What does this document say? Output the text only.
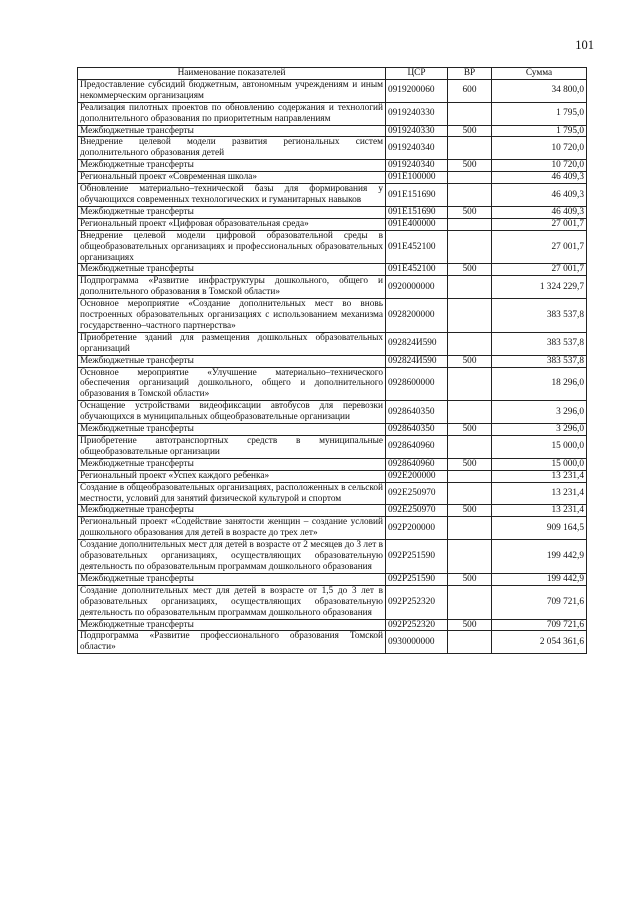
101
Наименование показателей	ЦСР	ВР	Сумма
Предоставление субсидий бюджетным, автономным учреждениям и иным некоммерческим организациям	0919200060	600	34 800,0
Реализация пилотных проектов по обновлению содержания и технологий дополнительного образования по приоритетным направлениям	0919240330		1 795,0
Межбюджетные трансферты	0919240330	500	1 795,0
Внедрение целевой модели развития региональных систем дополнительного образования детей	0919240340		10 720,0
Межбюджетные трансферты	0919240340	500	10 720,0
Региональный проект «Современная школа»	091E100000		46 409,3
Обновление материально–технической базы для формирования у обучающихся современных технологических и гуманитарных навыков	091E151690		46 409,3
Межбюджетные трансферты	091E151690	500	46 409,3
Региональный проект «Цифровая образовательная среда»	091E400000		27 001,7
Внедрение целевой модели цифровой образовательной среды в общеобразовательных организациях и профессиональных образовательных организациях	091E452100		27 001,7
Межбюджетные трансферты	091E452100	500	27 001,7
Подпрограмма «Развитие инфраструктуры дошкольного, общего и дополнительного образования в Томской области»	0920000000		1 324 229,7
Основное мероприятие «Создание дополнительных мест во вновь построенных образовательных организациях с использованием механизма государственно–частного партнерства»	0928200000		383 537,8
Приобретение зданий для размещения дошкольных образовательных организаций	092824И590		383 537,8
Межбюджетные трансферты	092824И590	500	383 537,8
Основное мероприятие «Улучшение материально–технического обеспечения организаций дошкольного, общего и дополнительного образования в Томской области»	0928600000		18 296,0
Оснащение устройствами видеофиксации автобусов для перевозки обучающихся в муниципальных общеобразовательные организации	0928640350		3 296,0
Межбюджетные трансферты	0928640350	500	3 296,0
Приобретение автотранспортных средств в муниципальные общеобразовательные организации	0928640960		15 000,0
Межбюджетные трансферты	0928640960	500	15 000,0
Региональный проект «Успех каждого ребенка»	092E200000		13 231,4
Создание в общеобразовательных организациях, расположенных в сельской местности, условий для занятий физической культурой и спортом	092E250970		13 231,4
Межбюджетные трансферты	092E250970	500	13 231,4
Региональный проект «Содействие занятости женщин – создание условий дошкольного образования для детей в возрасте до трех лет»	092P200000		909 164,5
Создание дополнительных мест для детей в возрасте от 2 месяцев до 3 лет в образовательных организациях, осуществляющих образовательную деятельность по образовательным программам дошкольного образования	092P251590		199 442,9
Межбюджетные трансферты	092P251590	500	199 442,9
Создание дополнительных мест для детей в возрасте от 1,5 до 3 лет в образовательных организациях, осуществляющих образовательную деятельность по образовательным программам дошкольного образования	092P252320		709 721,6
Межбюджетные трансферты	092P252320	500	709 721,6
Подпрограмма «Развитие профессионального образования Томской области»	0930000000		2 054 361,6
